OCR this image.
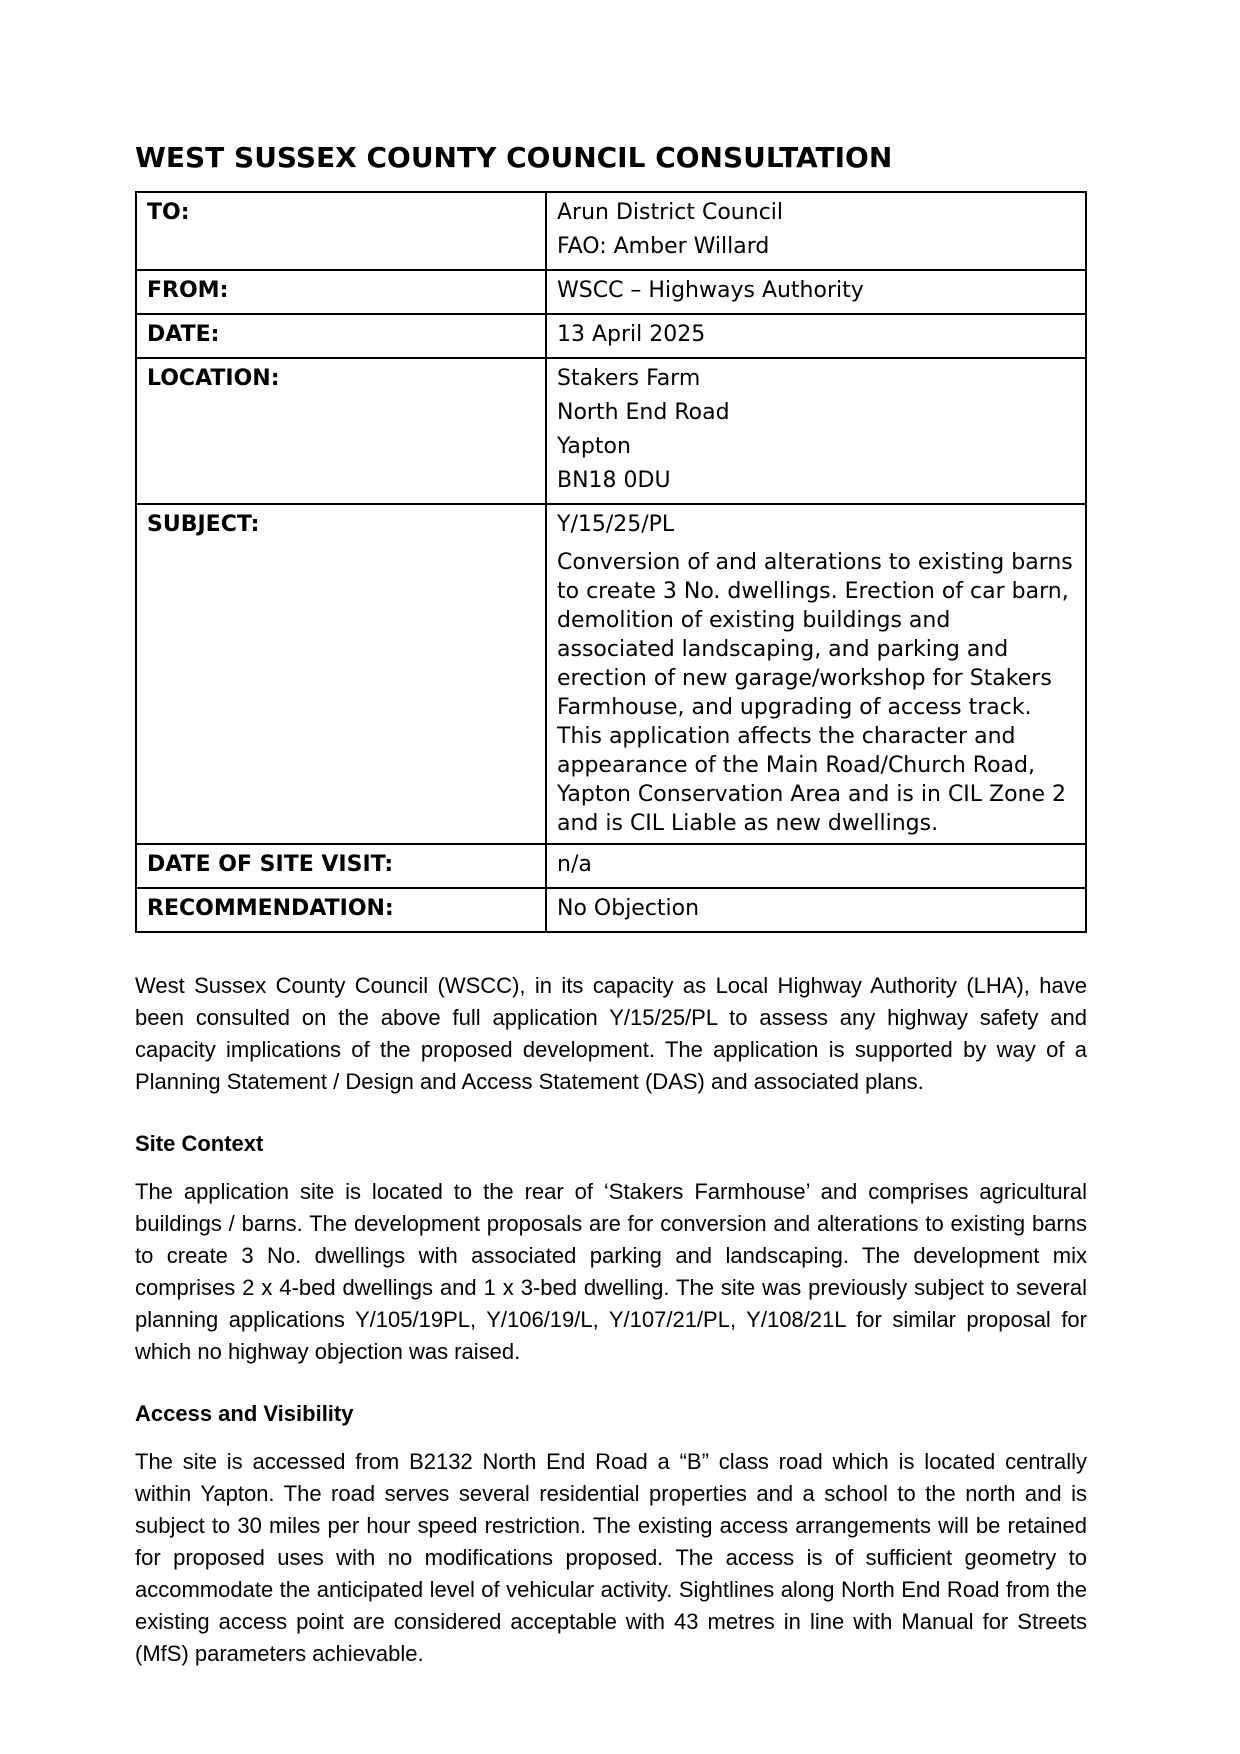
WEST SUSSEX COUNTY COUNCIL CONSULTATION
TO:	Arun District Council
FAO: Amber Willard

FROM:	WSCC – Highways Authority

DATE:	13 April 2025

LOCATION:	Stakers Farm
North End Road
Yapton
BN18 0DU

SUBJECT:	Y/15/25/PL

Conversion of and alterations to existing barns to create 3 No. dwellings. Erection of car barn, demolition of existing buildings and associated landscaping, and parking and erection of new garage/workshop for Stakers Farmhouse, and upgrading of access track. This application affects the character and appearance of the Main Road/Church Road, Yapton Conservation Area and is in CIL Zone 2 and is CIL Liable as new dwellings.

DATE OF SITE VISIT:	n/a

RECOMMENDATION:	No Objection

West Sussex County Council (WSCC), in its capacity as Local Highway Authority (LHA), have been consulted on the above full application Y/15/25/PL to assess any highway safety and capacity implications of the proposed development. The application is supported by way of a Planning Statement / Design and Access Statement (DAS) and associated plans.

Site Context

The application site is located to the rear of ‘Stakers Farmhouse’ and comprises agricultural buildings / barns. The development proposals are for conversion and alterations to existing barns to create 3 No. dwellings with associated parking and landscaping. The development mix comprises 2 x 4-bed dwellings and 1 x 3-bed dwelling. The site was previously subject to several planning applications Y/105/19PL, Y/106/19/L, Y/107/21/PL, Y/108/21L for similar proposal for which no highway objection was raised.

Access and Visibility

The site is accessed from B2132 North End Road a “B” class road which is located centrally within Yapton. The road serves several residential properties and a school to the north and is subject to 30 miles per hour speed restriction. The existing access arrangements will be retained for proposed uses with no modifications proposed. The access is of sufficient geometry to accommodate the anticipated level of vehicular activity. Sightlines along North End Road from the existing access point are considered acceptable with 43 metres in line with Manual for Streets (MfS) parameters achievable.
